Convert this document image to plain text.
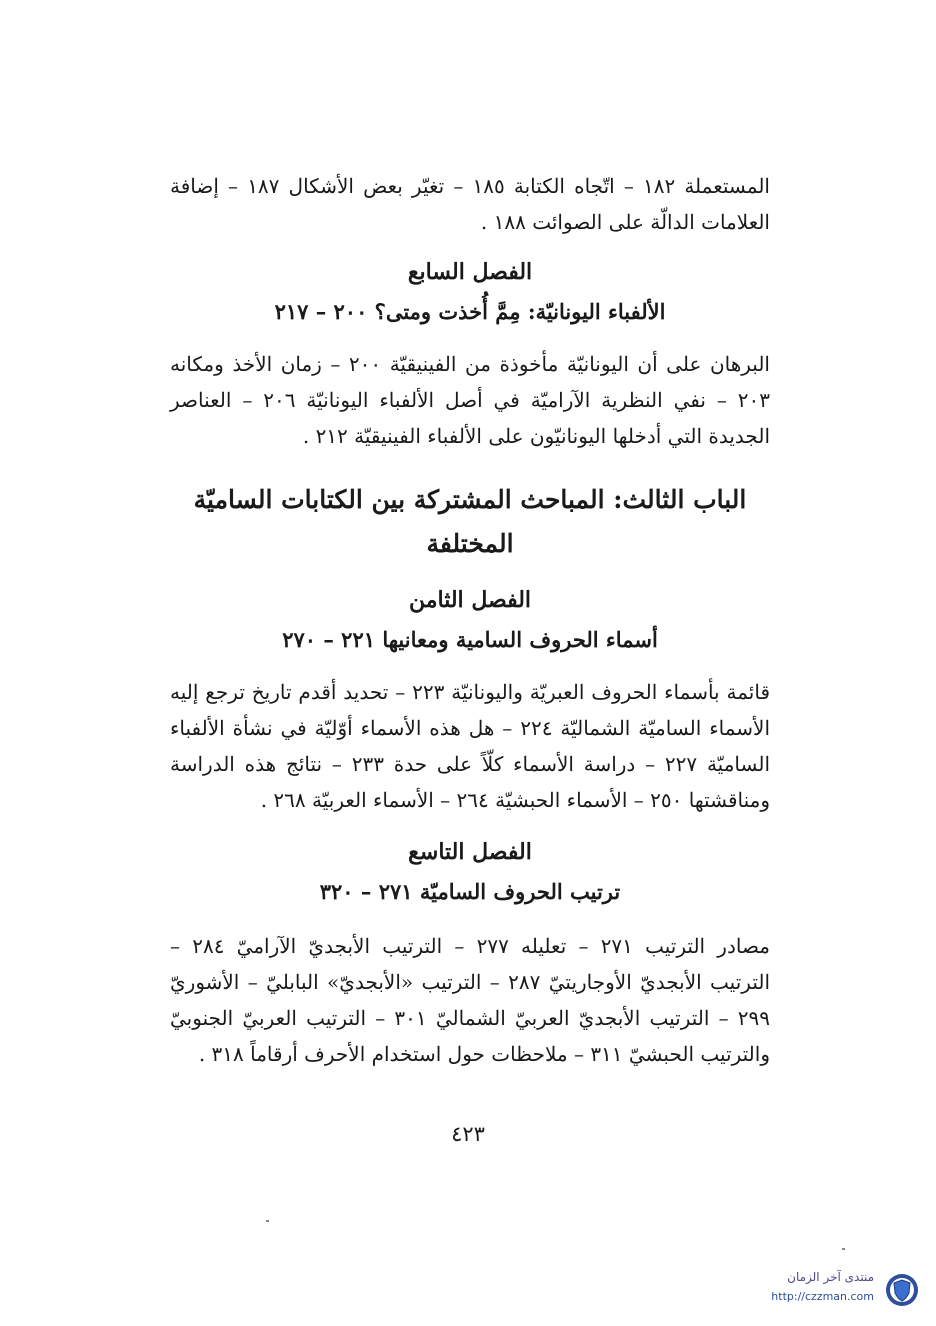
المستعملة ١٨٢ – اتّجاه الكتابة ١٨٥ – تغيّر بعض الأشكال ١٨٧ – إضافة العلامات الدالّة على الصوائت ١٨٨ .

الفصل السابع
الألفباء اليونانيّة: مِمَّ أُخذت ومتى؟ ٢٠٠ – ٢١٧

البرهان على أن اليونانيّة مأخوذة من الفينيقيّة ٢٠٠ – زمان الأخذ ومكانه ٢٠٣ – نفي النظرية الآراميّة في أصل الألفباء اليونانيّة ٢٠٦ – العناصر الجديدة التي أدخلها اليونانيّون على الألفباء الفينيقيّة ٢١٢ .

الباب الثالث: المباحث المشتركة بين الكتابات الساميّة المختلفة
الفصل الثامن
أسماء الحروف السامية ومعانيها ٢٢١ – ٢٧٠

قائمة بأسماء الحروف العبريّة واليونانيّة ٢٢٣ – تحديد أقدم تاريخ ترجع إليه الأسماء الساميّة الشماليّة ٢٢٤ – هل هذه الأسماء أوّليّة في نشأة الألفباء الساميّة ٢٢٧ – دراسة الأسماء كلّاً على حدة ٢٣٣ – نتائج هذه الدراسة ومناقشتها ٢٥٠ – الأسماء الحبشيّة ٢٦٤ – الأسماء العربيّة ٢٦٨ .

الفصل التاسع
ترتيب الحروف الساميّة ٢٧١ – ٣٢٠

مصادر الترتيب ٢٧١ – تعليله ٢٧٧ – الترتيب الأبجديّ الآراميّ ٢٨٤ – الترتيب الأبجديّ الأوجاريتيّ ٢٨٧ – الترتيب «الأبجديّ» البابليّ – الأشوريّ ٢٩٩ – الترتيب الأبجديّ العربيّ الشماليّ ٣٠١ – الترتيب العربيّ الجنوبيّ والترتيب الحبشيّ ٣١١ – ملاحظات حول استخدام الأحرف أرقاماً ٣١٨ .

٤٢٣
منتدى آخر الزمان
http://czzman.com
